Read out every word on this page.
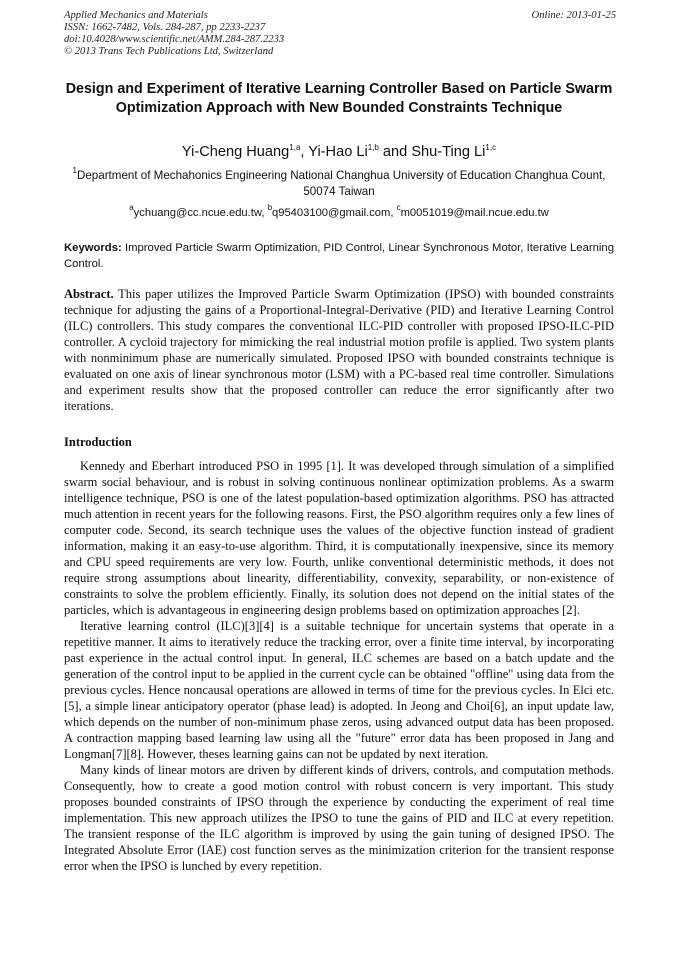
Applied Mechanics and Materials	Online: 2013-01-25
ISSN: 1662-7482, Vols. 284-287, pp 2233-2237
doi:10.4028/www.scientific.net/AMM.284-287.2233
© 2013 Trans Tech Publications Ltd, Switzerland
Design and Experiment of Iterative Learning Controller Based on Particle Swarm Optimization Approach with New Bounded Constraints Technique
Yi-Cheng Huang$^{1,a}$, Yi-Hao Li$^{1,b}$ and Shu-Ting Li$^{1,c}$
$^1$Department of Mechahonics Engineering National Changhua University of Education Changhua Count, 50074 Taiwan
$^a$ychuang@cc.ncue.edu.tw, $^b$q95403100@gmail.com, $^c$m0051019@mail.ncue.edu.tw
Keywords: Improved Particle Swarm Optimization, PID Control, Linear Synchronous Motor, Iterative Learning Control.
Abstract. This paper utilizes the Improved Particle Swarm Optimization (IPSO) with bounded constraints technique for adjusting the gains of a Proportional-Integral-Derivative (PID) and Iterative Learning Control (ILC) controllers. This study compares the conventional ILC-PID controller with proposed IPSO-ILC-PID controller. A cycloid trajectory for mimicking the real industrial motion profile is applied. Two system plants with nonminimum phase are numerically simulated. Proposed IPSO with bounded constraints technique is evaluated on one axis of linear synchronous motor (LSM) with a PC-based real time controller. Simulations and experiment results show that the proposed controller can reduce the error significantly after two iterations.
Introduction

Kennedy and Eberhart introduced PSO in 1995 [1]. It was developed through simulation of a simplified swarm social behaviour, and is robust in solving continuous nonlinear optimization problems. As a swarm intelligence technique, PSO is one of the latest population-based optimization algorithms. PSO has attracted much attention in recent years for the following reasons. First, the PSO algorithm requires only a few lines of computer code. Second, its search technique uses the values of the objective function instead of gradient information, making it an easy-to-use algorithm. Third, it is computationally inexpensive, since its memory and CPU speed requirements are very low. Fourth, unlike conventional deterministic methods, it does not require strong assumptions about linearity, differentiability, convexity, separability, or non-existence of constraints to solve the problem efficiently. Finally, its solution does not depend on the initial states of the particles, which is advantageous in engineering design problems based on optimization approaches [2].

Iterative learning control (ILC)[3][4] is a suitable technique for uncertain systems that operate in a repetitive manner. It aims to iteratively reduce the tracking error, over a finite time interval, by incorporating past experience in the actual control input. In general, ILC schemes are based on a batch update and the generation of the control input to be applied in the current cycle can be obtained "offline" using data from the previous cycles. Hence noncausal operations are allowed in terms of time for the previous cycles. In Elci etc.[5], a simple linear anticipatory operator (phase lead) is adopted. In Jeong and Choi[6], an input update law, which depends on the number of non-minimum phase zeros, using advanced output data has been proposed. A contraction mapping based learning law using all the "future" error data has been proposed in Jang and Longman[7][8]. However, theses learning gains can not be updated by next iteration.

Many kinds of linear motors are driven by different kinds of drivers, controls, and computation methods. Consequently, how to create a good motion control with robust concern is very important. This study proposes bounded constraints of IPSO through the experience by conducting the experiment of real time implementation. This new approach utilizes the IPSO to tune the gains of PID and ILC at every repetition. The transient response of the ILC algorithm is improved by using the gain tuning of designed IPSO. The Integrated Absolute Error (IAE) cost function serves as the minimization criterion for the transient response error when the IPSO is lunched by every repetition.
